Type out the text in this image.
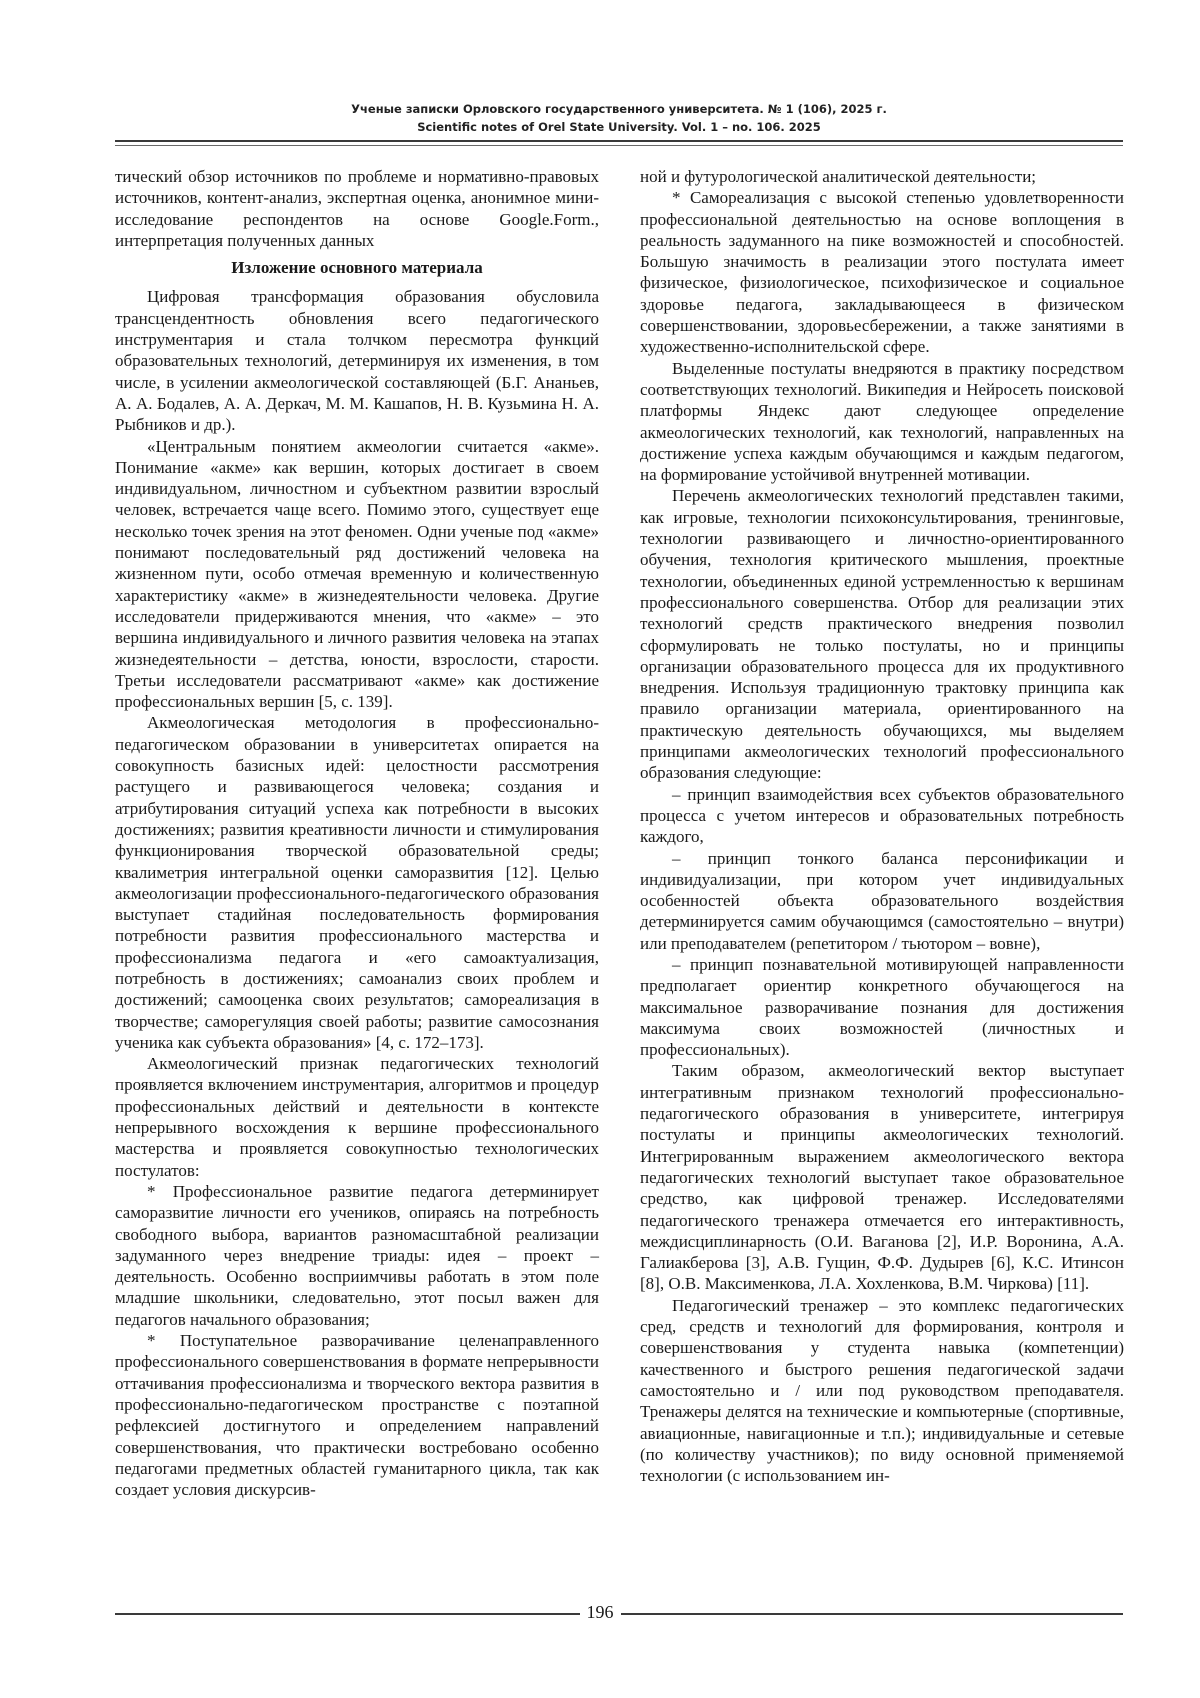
Ученые записки Орловского государственного университета. № 1 (106), 2025 г.
Scientific notes of Orel State University. Vol. 1 – no. 106. 2025

тический обзор источников по проблеме и нормативно-правовых источников, контент-анализ, экспертная оценка, анонимное мини-исследование респондентов на основе Google.Form., интерпретация полученных данных

Изложение основного материала

Цифровая трансформация образования обусловила трансцендентность обновления всего педагогического инструментария и стала толчком пересмотра функций образовательных технологий, детерминируя их изменения, в том числе, в усилении акмеологической составляющей (Б.Г. Ананьев, А. А. Бодалев, А. А. Деркач, М. М. Кашапов, Н. В. Кузьмина Н. А. Рыбников и др.).

«Центральным понятием акмеологии считается «акме». Понимание «акме» как вершин, которых достигает в своем индивидуальном, личностном и субъектном развитии взрослый человек, встречается чаще всего. Помимо этого, существует еще несколько точек зрения на этот феномен. Одни ученые под «акме» понимают последовательный ряд достижений человека на жизненном пути, особо отмечая временную и количественную характеристику «акме» в жизнедеятельности человека. Другие исследователи придерживаются мнения, что «акме» – это вершина индивидуального и личного развития человека на этапах жизнедеятельности – детства, юности, взрослости, старости. Третьи исследователи рассматривают «акме» как достижение профессиональных вершин [5, с. 139].

Акмеологическая методология в профессионально-педагогическом образовании в университетах опирается на совокупность базисных идей: целостности рассмотрения растущего и развивающегося человека; создания и атрибутирования ситуаций успеха как потребности в высоких достижениях; развития креативности личности и стимулирования функционирования творческой образовательной среды; квалиметрия интегральной оценки саморазвития [12]. Целью акмеологизации профессионального-педагогического образования выступает стадийная последовательность формирования потребности развития профессионального мастерства и профессионализма педагога и «его самоактуализация, потребность в достижениях; самоанализ своих проблем и достижений; самооценка своих результатов; самореализация в творчестве; саморегуляция своей работы; развитие самосознания ученика как субъекта образования» [4, с. 172–173].

Акмеологический признак педагогических технологий проявляется включением инструментария, алгоритмов и процедур профессиональных действий и деятельности в контексте непрерывного восхождения к вершине профессионального мастерства и проявляется совокупностью технологических постулатов:

* Профессиональное развитие педагога детерминирует саморазвитие личности его учеников, опираясь на потребность свободного выбора, вариантов разномасштабной реализации задуманного через внедрение триады: идея – проект – деятельность. Особенно восприимчивы работать в этом поле младшие школьники, следовательно, этот посыл важен для педагогов начального образования;

* Поступательное разворачивание целенаправленного профессионального совершенствования в формате непрерывности оттачивания профессионализма и творческого вектора развития в профессионально-педагогическом пространстве с поэтапной рефлексией достигнутого и определением направлений совершенствования, что практически востребовано особенно педагогами предметных областей гуманитарного цикла, так как создает условия дискурсив-

ной и футурологической аналитической деятельности;

* Самореализация с высокой степенью удовлетворенности профессиональной деятельностью на основе воплощения в реальность задуманного на пике возможностей и способностей. Большую значимость в реализации этого постулата имеет физическое, физиологическое, психофизическое и социальное здоровье педагога, закладывающееся в физическом совершенствовании, здоровьесбережении, а также занятиями в художественно-исполнительской сфере.

Выделенные постулаты внедряются в практику посредством соответствующих технологий. Википедия и Нейросеть поисковой платформы Яндекс дают следующее определение акмеологических технологий, как технологий, направленных на достижение успеха каждым обучающимся и каждым педагогом, на формирование устойчивой внутренней мотивации.

Перечень акмеологических технологий представлен такими, как игровые, технологии психоконсультирования, тренинговые, технологии развивающего и личностно-ориентированного обучения, технология критического мышления, проектные технологии, объединенных единой устремленностью к вершинам профессионального совершенства. Отбор для реализации этих технологий средств практического внедрения позволил сформулировать не только постулаты, но и принципы организации образовательного процесса для их продуктивного внедрения. Используя традиционную трактовку принципа как правило организации материала, ориентированного на практическую деятельность обучающихся, мы выделяем принципами акмеологических технологий профессионального образования следующие:

– принцип взаимодействия всех субъектов образовательного процесса с учетом интересов и образовательных потребность каждого,

– принцип тонкого баланса персонификации и индивидуализации, при котором учет индивидуальных особенностей объекта образовательного воздействия детерминируется самим обучающимся (самостоятельно – внутри) или преподавателем (репетитором / тьютором – вовне),

– принцип познавательной мотивирующей направленности предполагает ориентир конкретного обучающегося на максимальное разворачивание познания для достижения максимума своих возможностей (личностных и профессиональных).

Таким образом, акмеологический вектор выступает интегративным признаком технологий профессионально-педагогического образования в университете, интегрируя постулаты и принципы акмеологических технологий. Интегрированным выражением акмеологического вектора педагогических технологий выступает такое образовательное средство, как цифровой тренажер. Исследователями педагогического тренажера отмечается его интерактивность, междисциплинарность (О.И. Ваганова [2], И.Р. Воронина, А.А. Галиакберова [3], А.В. Гущин, Ф.Ф. Дудырев [6], К.С. Итинсон [8], О.В. Максименкова, Л.А. Хохленкова, В.М. Чиркова) [11].

Педагогический тренажер – это комплекс педагогических сред, средств и технологий для формирования, контроля и совершенствования у студента навыка (компетенции) качественного и быстрого решения педагогической задачи самостоятельно и / или под руководством преподавателя. Тренажеры делятся на технические и компьютерные (спортивные, авиационные, навигационные и т.п.); индивидуальные и сетевые (по количеству участников); по виду основной применяемой технологии (с использованием ин-

196
